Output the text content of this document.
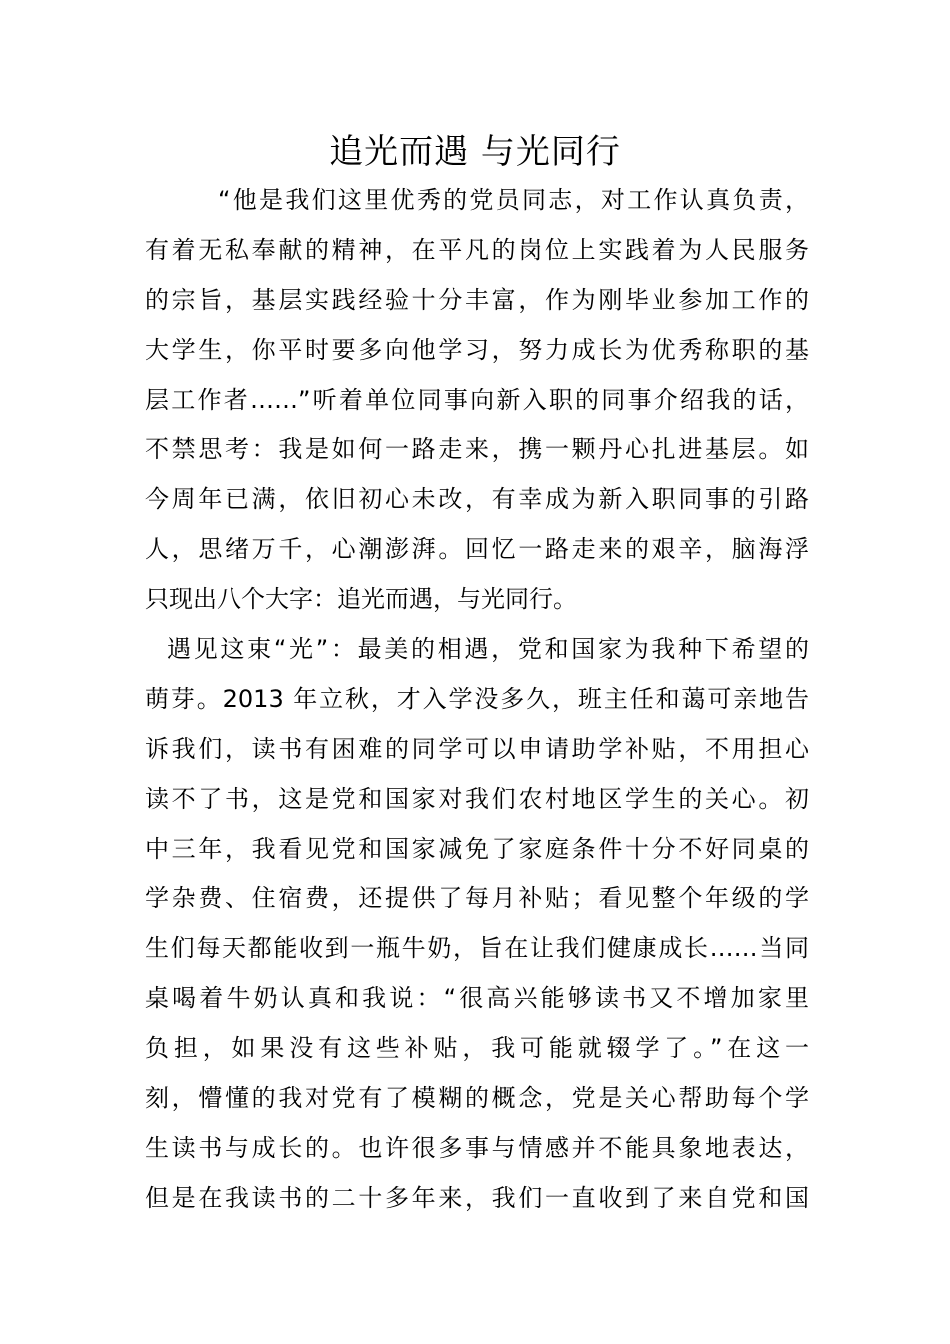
追光而遇 与光同行
“他是我们这里优秀的党员同志，对工作认真负责，
有着无私奉献的精神，在平凡的岗位上实践着为人民服务
的宗旨，基层实践经验十分丰富，作为刚毕业参加工作的
大学生，你平时要多向他学习，努力成长为优秀称职的基
层工作者……”听着单位同事向新入职的同事介绍我的话，
不禁思考：我是如何一路走来，携一颗丹心扎进基层。如
今周年已满，依旧初心未改，有幸成为新入职同事的引路
人，思绪万千，心潮澎湃。回忆一路走来的艰辛，脑海浮
只现出八个大字：追光而遇，与光同行。
遇见这束“光”：最美的相遇，党和国家为我种下希望的
萌芽。2013 年立秋，才入学没多久，班主任和蔼可亲地告
诉我们，读书有困难的同学可以申请助学补贴，不用担心
读不了书，这是党和国家对我们农村地区学生的关心。初
中三年，我看见党和国家减免了家庭条件十分不好同桌的
学杂费、住宿费，还提供了每月补贴；看见整个年级的学
生们每天都能收到一瓶牛奶，旨在让我们健康成长……当同
桌喝着牛奶认真和我说：“很高兴能够读书又不增加家里
负担，如果没有这些补贴，我可能就辍学了。”在这一
刻，懵懂的我对党有了模糊的概念，党是关心帮助每个学
生读书与成长的。也许很多事与情感并不能具象地表达，
但是在我读书的二十多年来，我们一直收到了来自党和国
